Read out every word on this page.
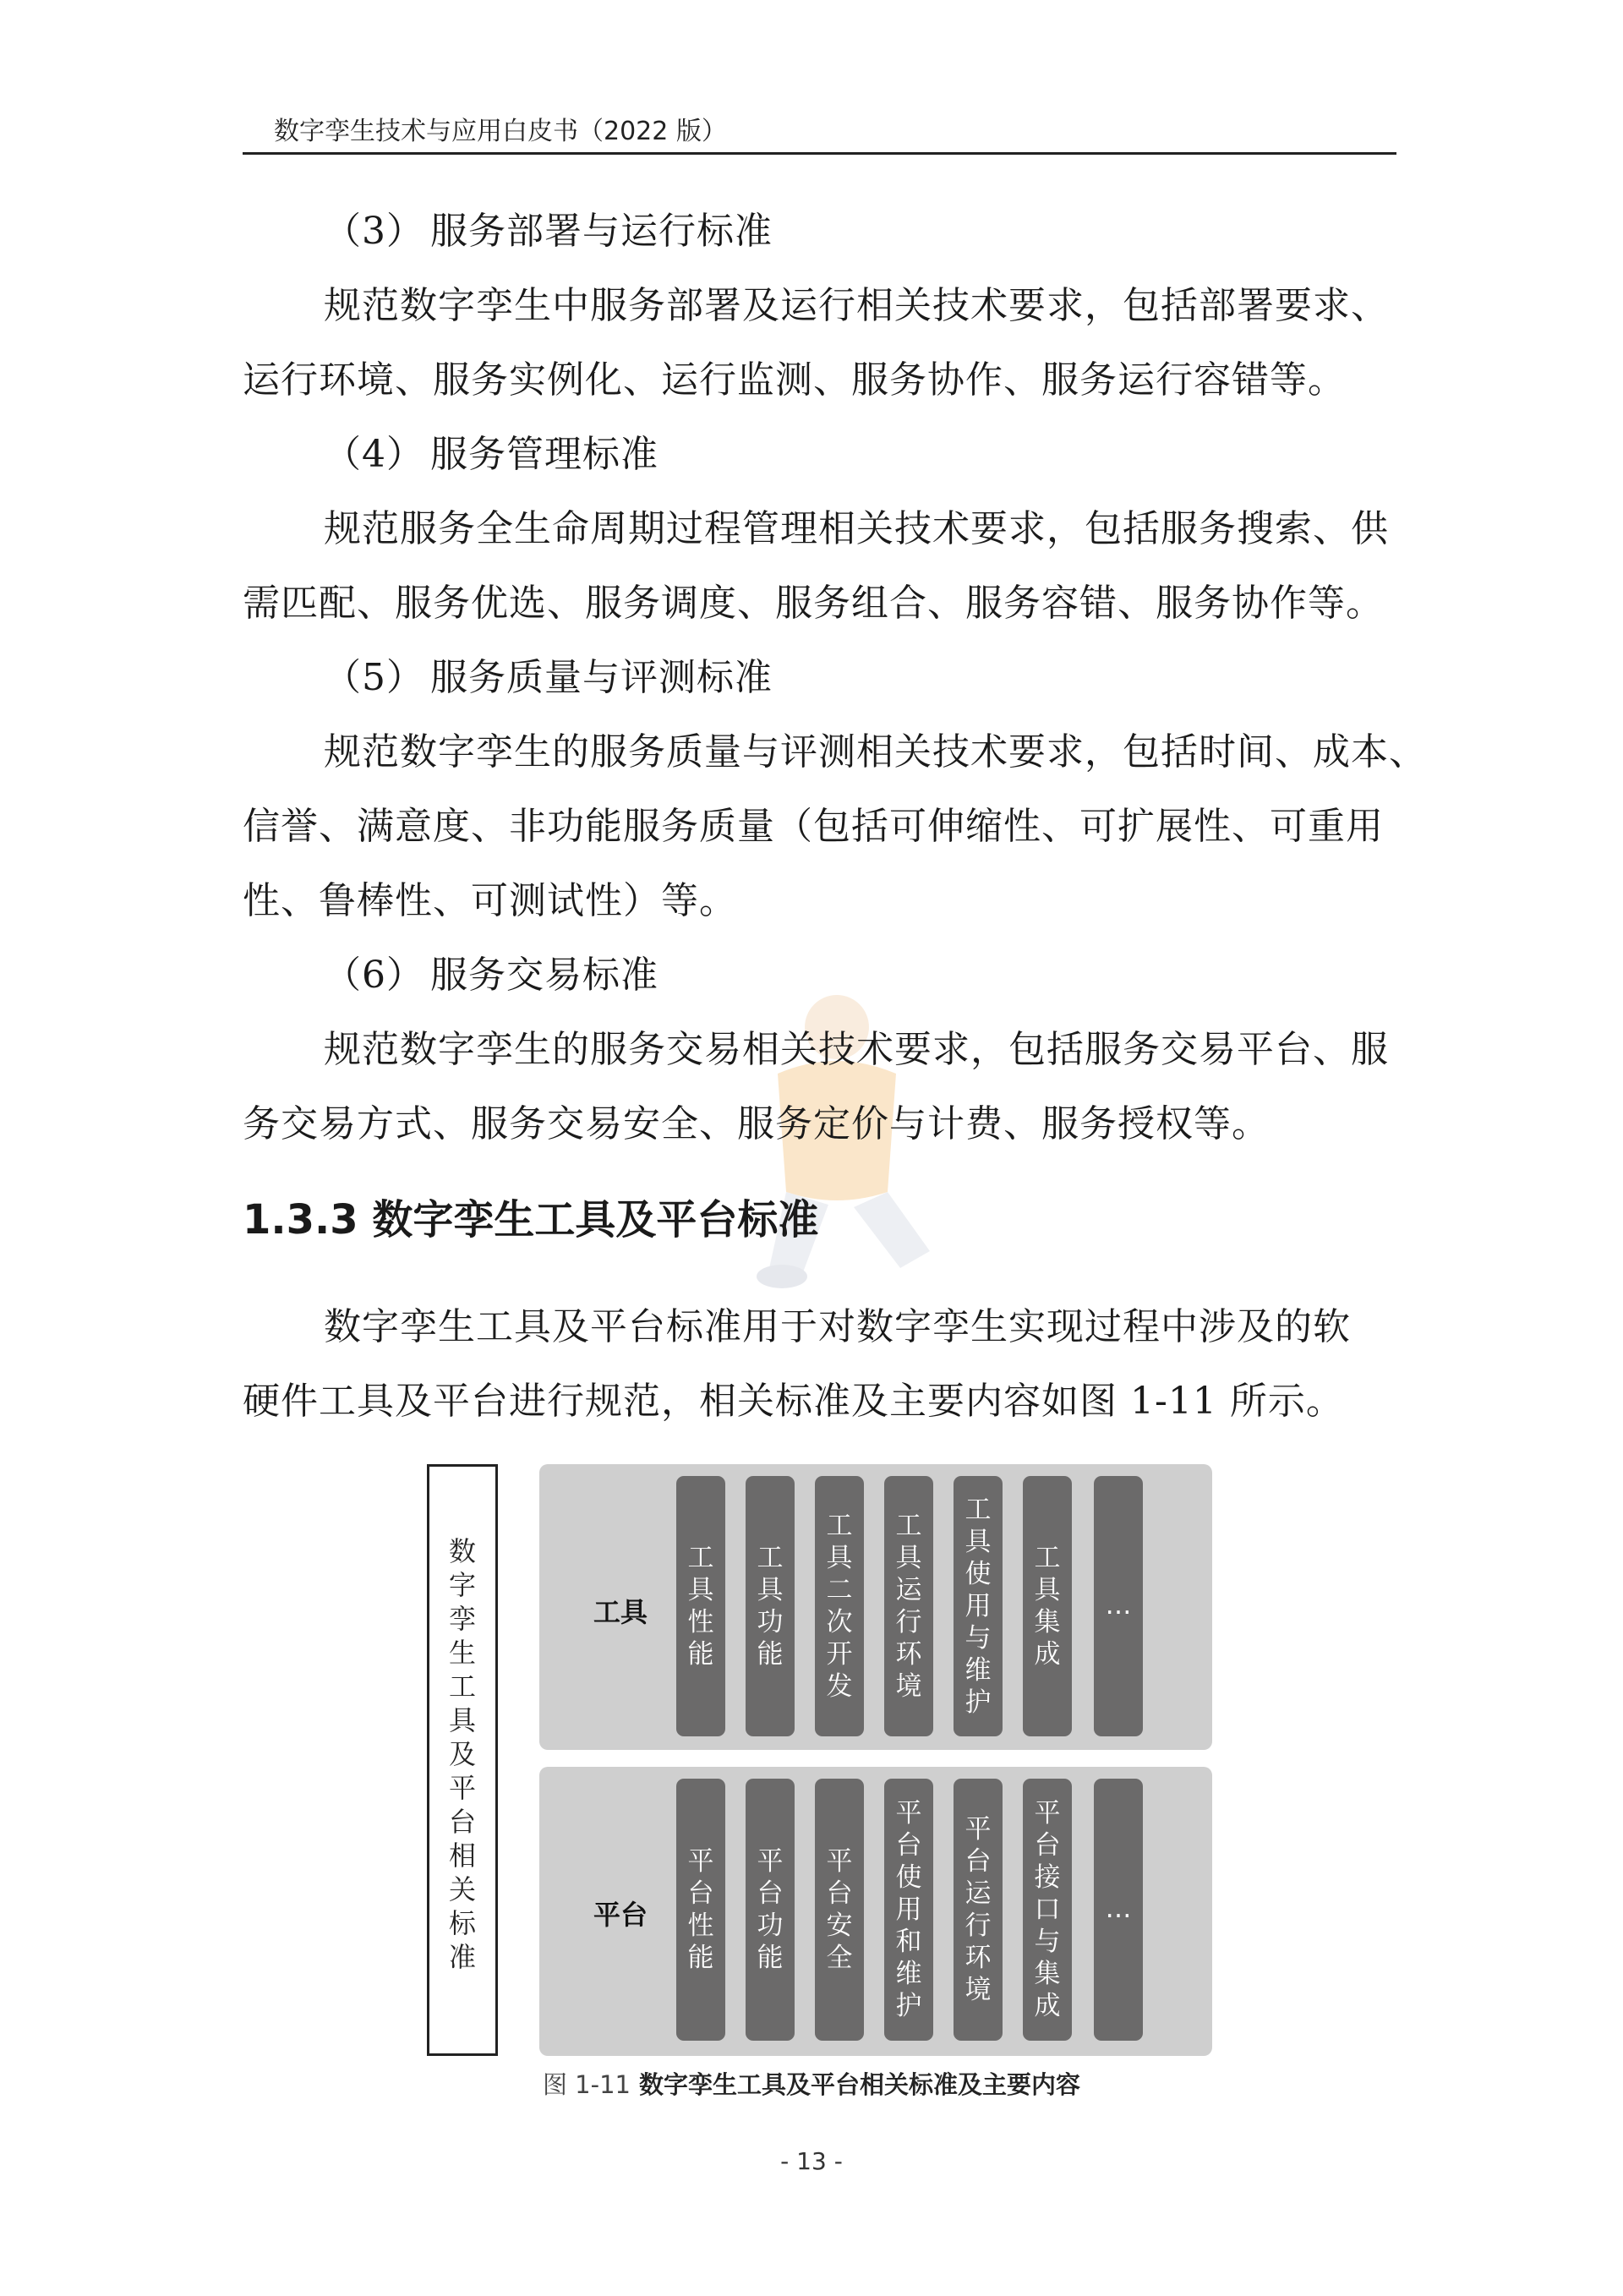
数字孪生技术与应用白皮书（2022 版）
（3） 服务部署与运行标准
规范数字孪生中服务部署及运行相关技术要求，包括部署要求、
运行环境、服务实例化、运行监测、服务协作、服务运行容错等。
（4） 服务管理标准
规范服务全生命周期过程管理相关技术要求，包括服务搜索、供
需匹配、服务优选、服务调度、服务组合、服务容错、服务协作等。
（5） 服务质量与评测标准
规范数字孪生的服务质量与评测相关技术要求，包括时间、成本、
信誉、满意度、非功能服务质量（包括可伸缩性、可扩展性、可重用
性、鲁棒性、可测试性）等。
（6） 服务交易标准
规范数字孪生的服务交易相关技术要求，包括服务交易平台、服
务交易方式、服务交易安全、服务定价与计费、服务授权等。
1.3.3 数字孪生工具及平台标准
数字孪生工具及平台标准用于对数字孪生实现过程中涉及的软
硬件工具及平台进行规范，相关标准及主要内容如图 1-11 所示。
数
字
孪
生
工
具
及
平
台
相
关
标
准
工具
平台
工
具
性
能
工
具
功
能
工
具
二
次
开
发
工
具
运
行
环
境
工
具
使
用
与
维
护
工
具
集
成
…
平
台
性
能
平
台
功
能
平
台
安
全
平
台
使
用
和
维
护
平
台
运
行
环
境
平
台
接
口
与
集
成
…
图 1-11 数字孪生工具及平台相关标准及主要内容
- 13 -
